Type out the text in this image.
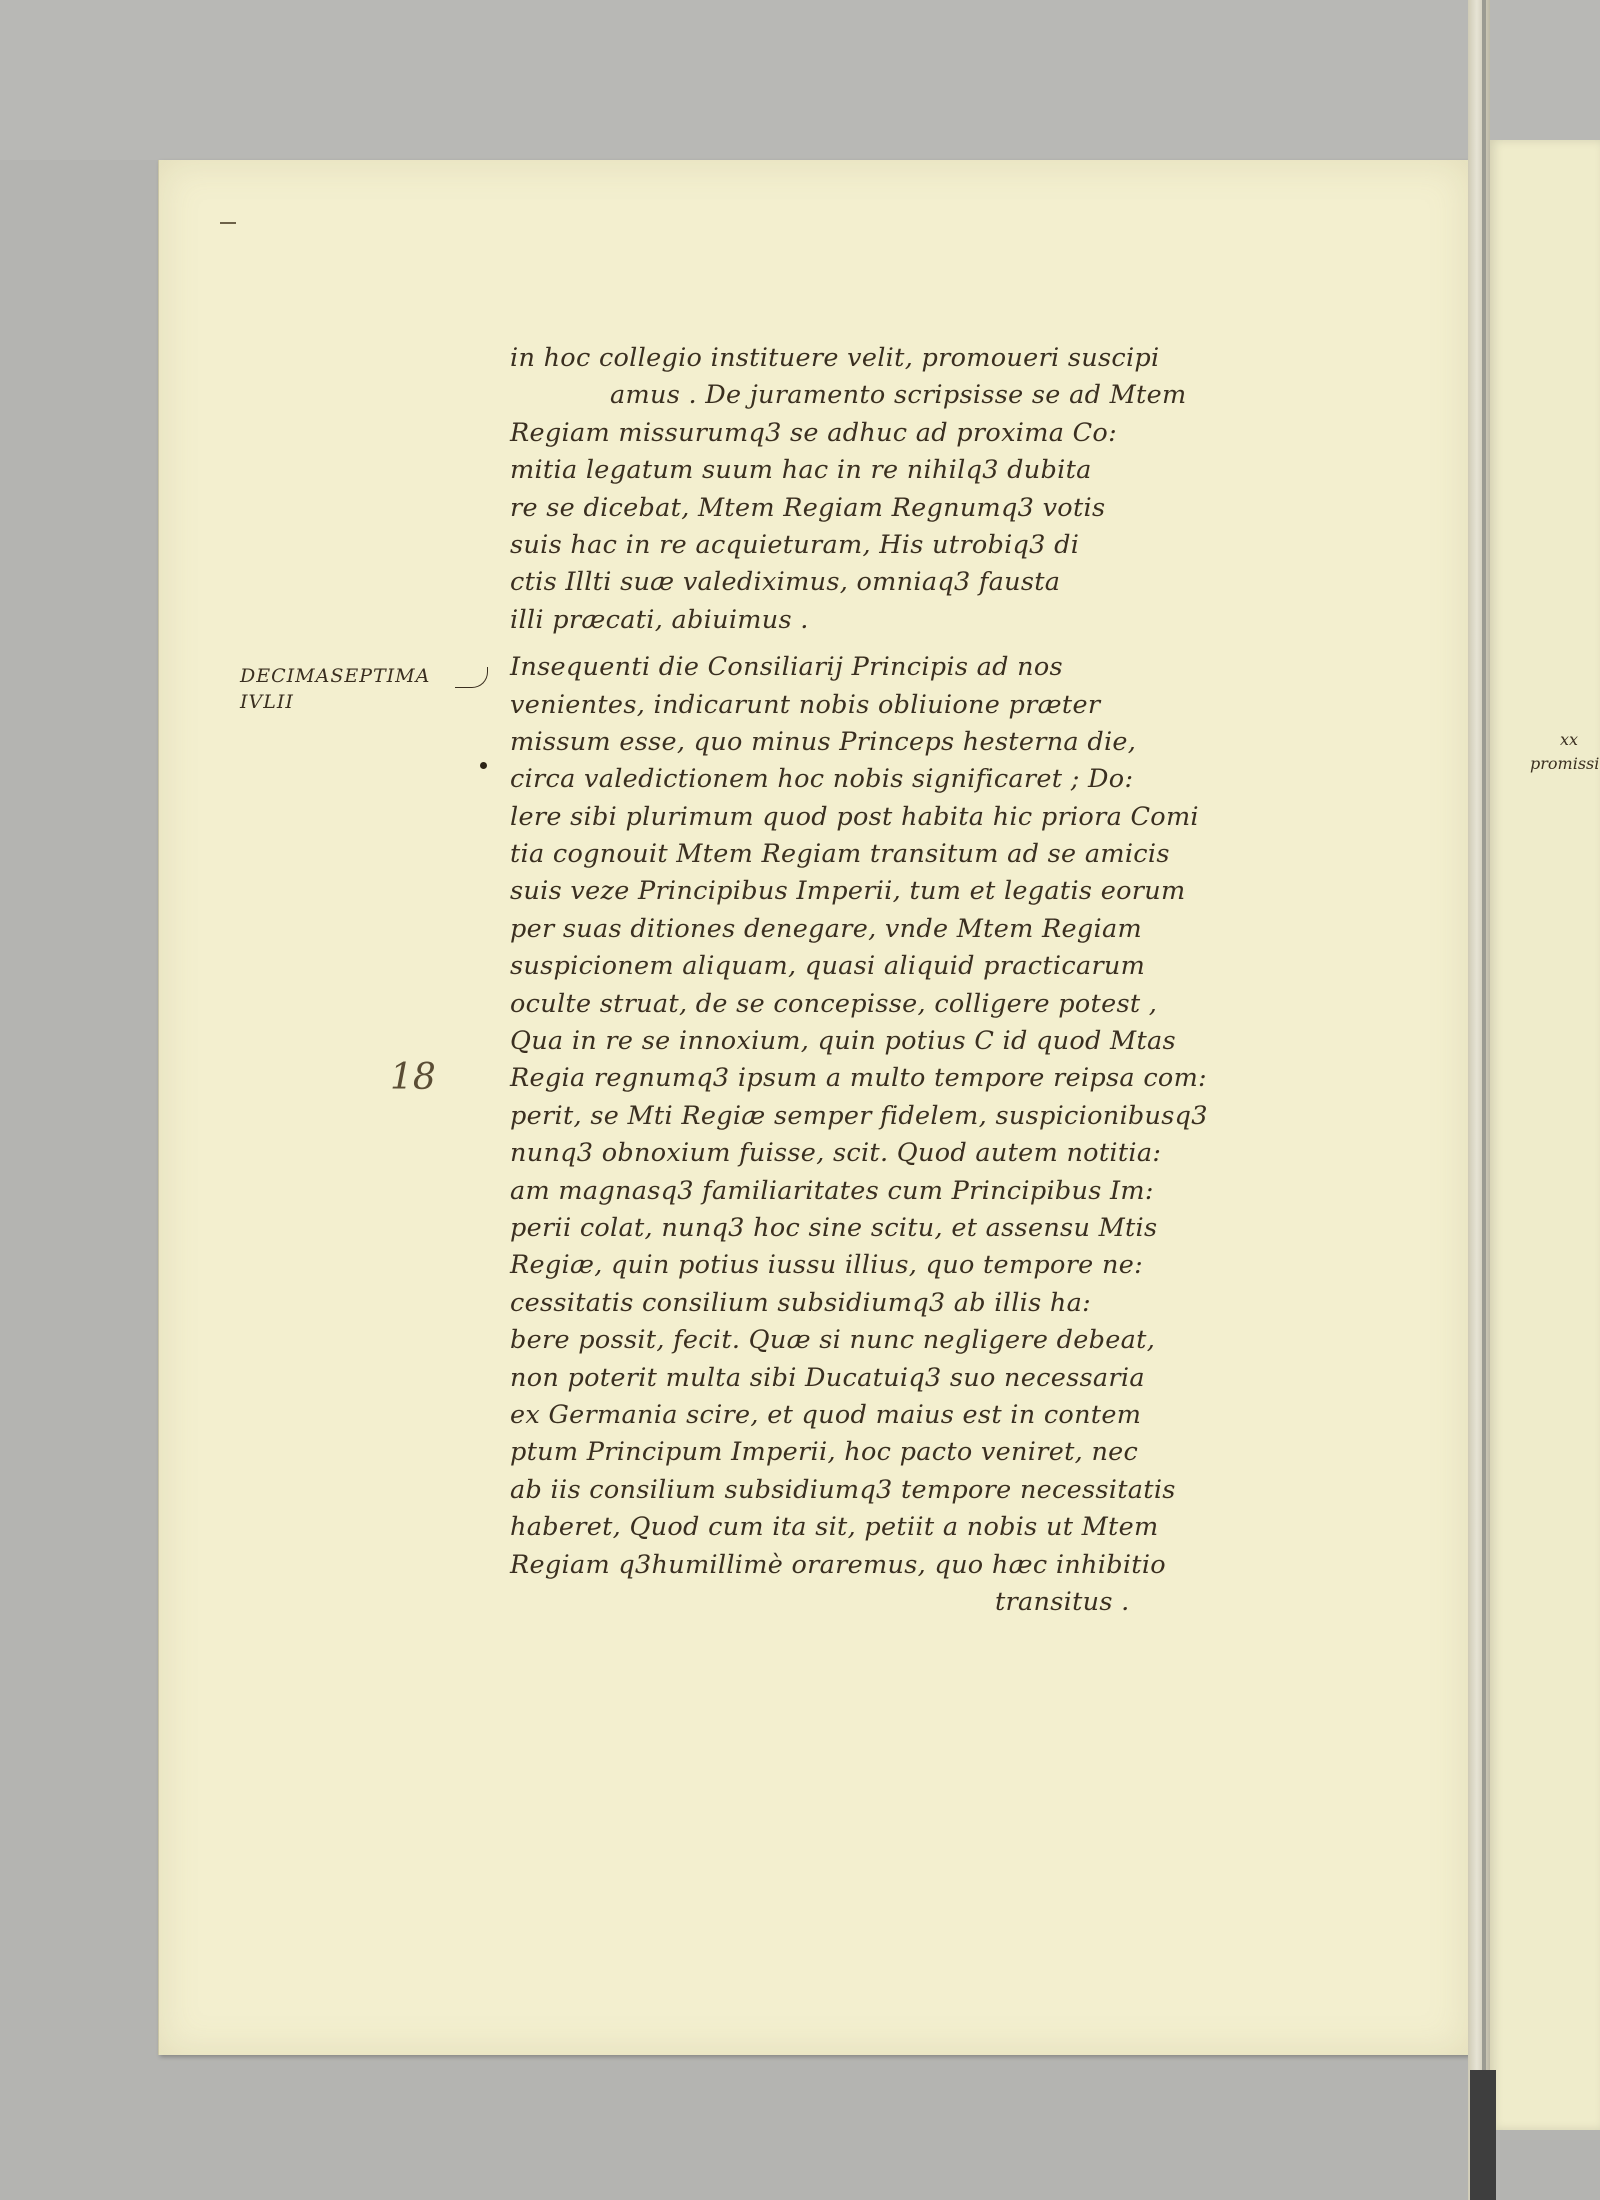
DECIMASEPTIMA
IVLII
18
xx
promissi
in hoc collegio instituere velit, promoueri suscipi
amus . De juramento scripsisse se ad Mtem
Regiam missurumq3 se adhuc ad proxima Co:
mitia legatum suum hac in re nihilq3 dubita
re se dicebat, Mtem Regiam Regnumq3 votis
suis hac in re acquieturam, His utrobiq3 di
ctis Illti suæ valediximus, omniaq3 fausta
illi præcati, abiuimus .
Insequenti die Consiliarij Principis ad nos
venientes, indicarunt nobis obliuione præter
missum esse, quo minus Princeps hesterna die,
circa valedictionem hoc nobis significaret ; Do:
lere sibi plurimum quod post habita hic priora Comi
tia cognouit Mtem Regiam transitum ad se amicis
suis veze Principibus Imperii, tum et legatis eorum
per suas ditiones denegare, vnde Mtem Regiam
suspicionem aliquam, quasi aliquid practicarum
oculte struat, de se concepisse, colligere potest ,
Qua in re se innoxium, quin potius C id quod Mtas
Regia regnumq3 ipsum a multo tempore reipsa com:
perit, se Mti Regiæ semper fidelem, suspicionibusq3
nunq3 obnoxium fuisse, scit. Quod autem notitia:
am magnasq3 familiaritates cum Principibus Im:
perii colat, nunq3 hoc sine scitu, et assensu Mtis
Regiæ, quin potius iussu illius, quo tempore ne:
cessitatis consilium subsidiumq3 ab illis ha:
bere possit, fecit. Quæ si nunc negligere debeat,
non poterit multa sibi Ducatuiq3 suo necessaria
ex Germania scire, et quod maius est in contem
ptum Principum Imperii, hoc pacto veniret, nec
ab iis consilium subsidiumq3 tempore necessitatis
haberet, Quod cum ita sit, petiit a nobis ut Mtem
Regiam q3humillimè oraremus, quo hæc inhibitio
transitus .
